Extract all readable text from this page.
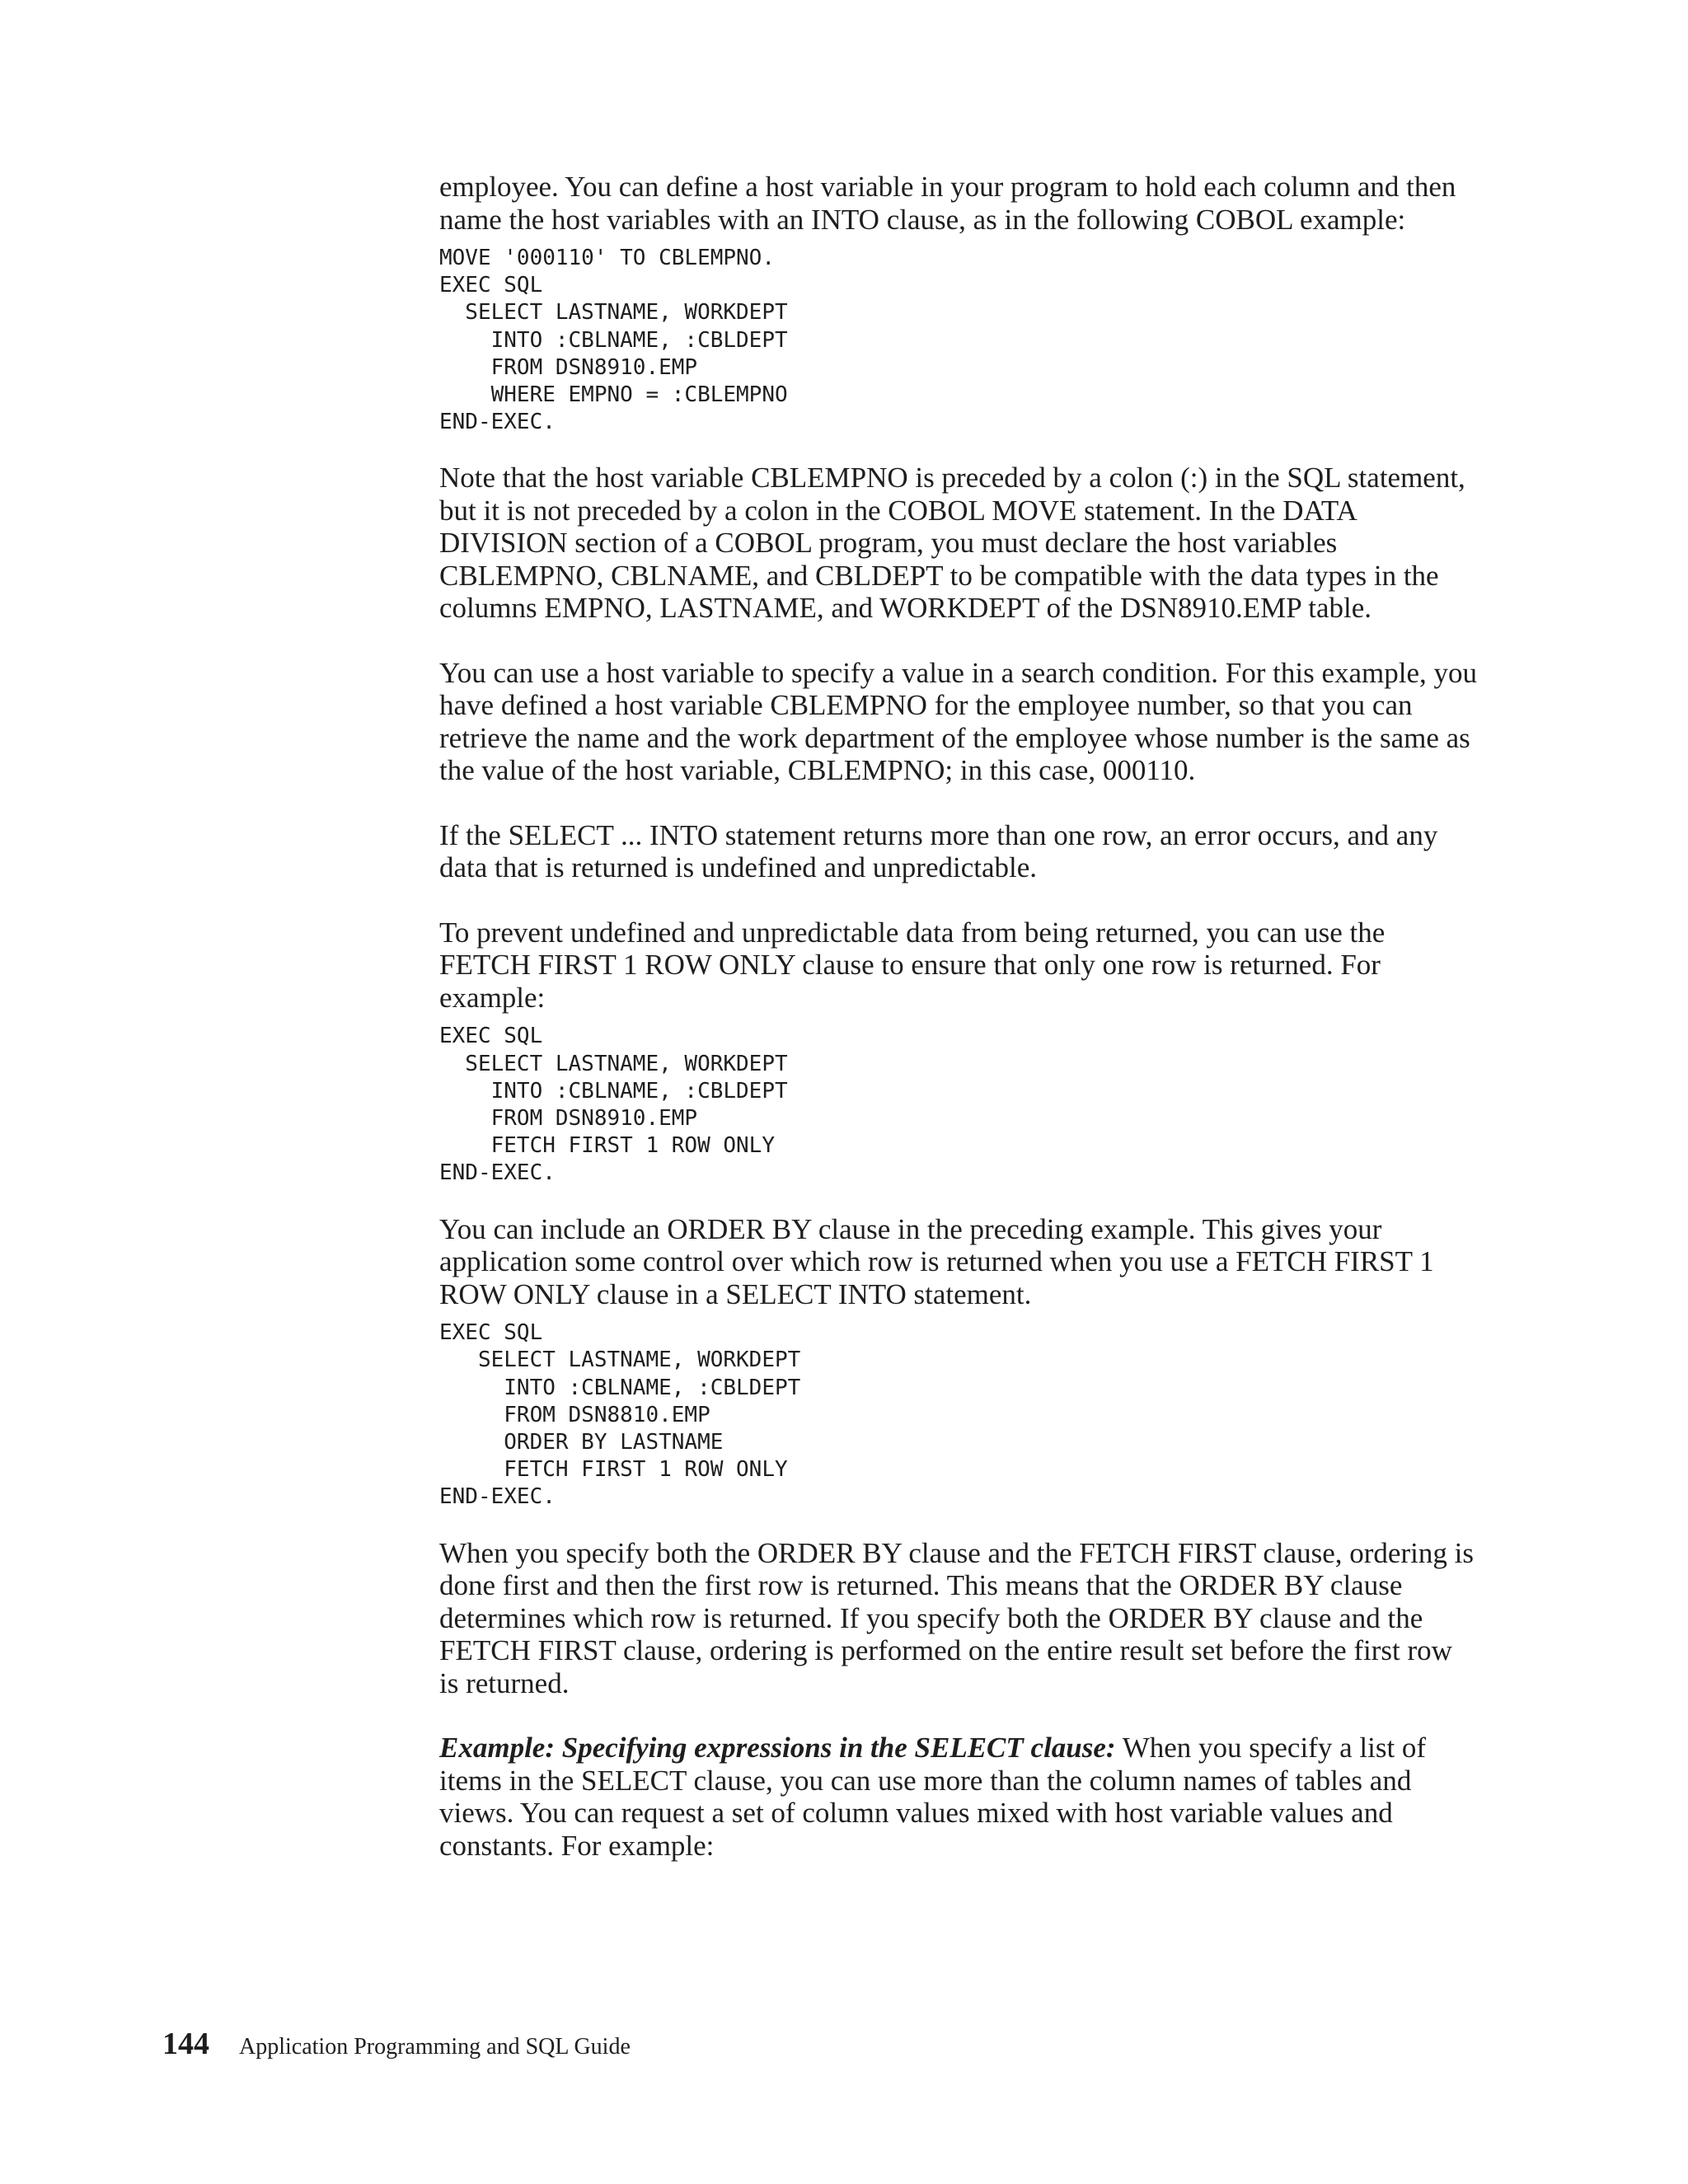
employee. You can define a host variable in your program to hold each column and then name the host variables with an INTO clause, as in the following COBOL example:

MOVE '000110' TO CBLEMPNO.
EXEC SQL
SELECT LASTNAME, WORKDEPT
INTO :CBLNAME, :CBLDEPT
FROM DSN8910.EMP
WHERE EMPNO = :CBLEMPNO
END-EXEC.

Note that the host variable CBLEMPNO is preceded by a colon (:) in the SQL statement, but it is not preceded by a colon in the COBOL MOVE statement. In the DATA DIVISION section of a COBOL program, you must declare the host variables CBLEMPNO, CBLNAME, and CBLDEPT to be compatible with the data types in the columns EMPNO, LASTNAME, and WORKDEPT of the DSN8910.EMP table.

You can use a host variable to specify a value in a search condition. For this example, you have defined a host variable CBLEMPNO for the employee number, so that you can retrieve the name and the work department of the employee whose number is the same as the value of the host variable, CBLEMPNO; in this case, 000110.

If the SELECT ... INTO statement returns more than one row, an error occurs, and any data that is returned is undefined and unpredictable.

To prevent undefined and unpredictable data from being returned, you can use the FETCH FIRST 1 ROW ONLY clause to ensure that only one row is returned. For example:

EXEC SQL
SELECT LASTNAME, WORKDEPT
INTO :CBLNAME, :CBLDEPT
FROM DSN8910.EMP
FETCH FIRST 1 ROW ONLY
END-EXEC.

You can include an ORDER BY clause in the preceding example. This gives your application some control over which row is returned when you use a FETCH FIRST 1 ROW ONLY clause in a SELECT INTO statement.

EXEC SQL
SELECT LASTNAME, WORKDEPT
INTO :CBLNAME, :CBLDEPT
FROM DSN8810.EMP
ORDER BY LASTNAME
FETCH FIRST 1 ROW ONLY
END-EXEC.

When you specify both the ORDER BY clause and the FETCH FIRST clause, ordering is done first and then the first row is returned. This means that the ORDER BY clause determines which row is returned. If you specify both the ORDER BY clause and the FETCH FIRST clause, ordering is performed on the entire result set before the first row is returned.

Example: Specifying expressions in the SELECT clause: When you specify a list of items in the SELECT clause, you can use more than the column names of tables and views. You can request a set of column values mixed with host variable values and constants. For example:

144 Application Programming and SQL Guide
